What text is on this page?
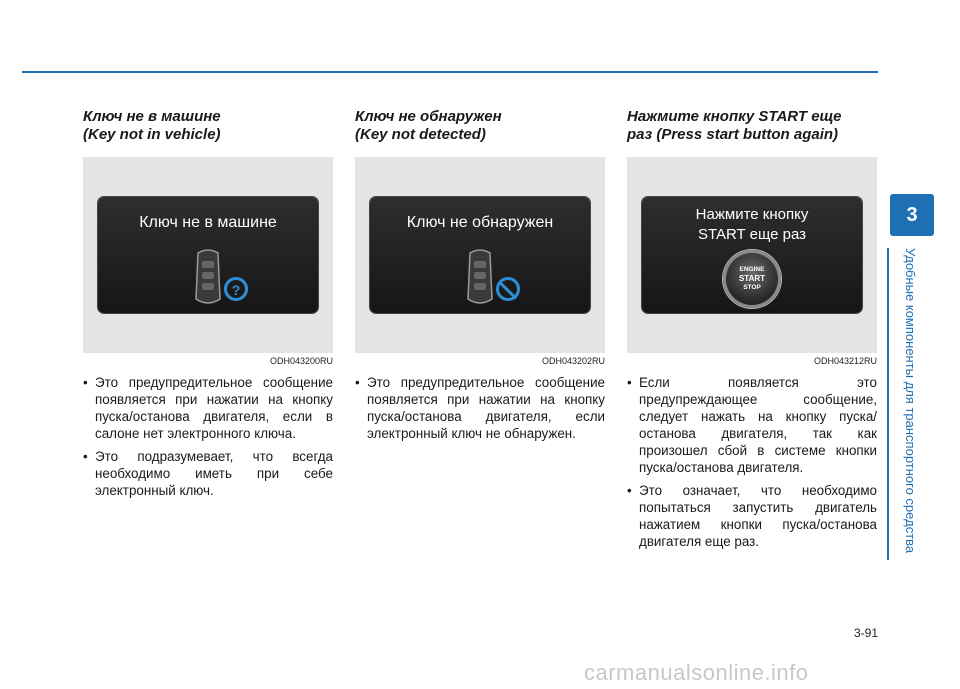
Ключ не в машине
(Key not in vehicle)
Ключ не в машине
?
ODH043200RU
• Это предупредительное сообщение появляется при нажатии на кнопку пуска/останова двигателя, если в салоне нет электронного ключа.
• Это подразумевает, что всегда необходимо иметь при себе электронный ключ.
Ключ не обнаружен
(Key not detected)
Ключ не обнаружен
ODH043202RU
• Это предупредительное сообщение появляется при нажатии на кнопку пуска/останова двигателя, если электронный ключ не обнаружен.
Нажмите кнопку START еще
раз (Press start button again)
Нажмите кнопку
START еще раз
ENGINE
START
STOP
ODH043212RU
• Если появляется это предупреждающее сообщение, следует нажать на кнопку пуска/останова двигателя, так как произошел сбой в системе кнопки пуска/останова двигателя.
• Это означает, что необходимо попытаться запустить двигатель нажатием кнопки пуска/останова двигателя еще раз.
3
Удобные компоненты для транспортного средства
3-91
carmanualsonline.info
